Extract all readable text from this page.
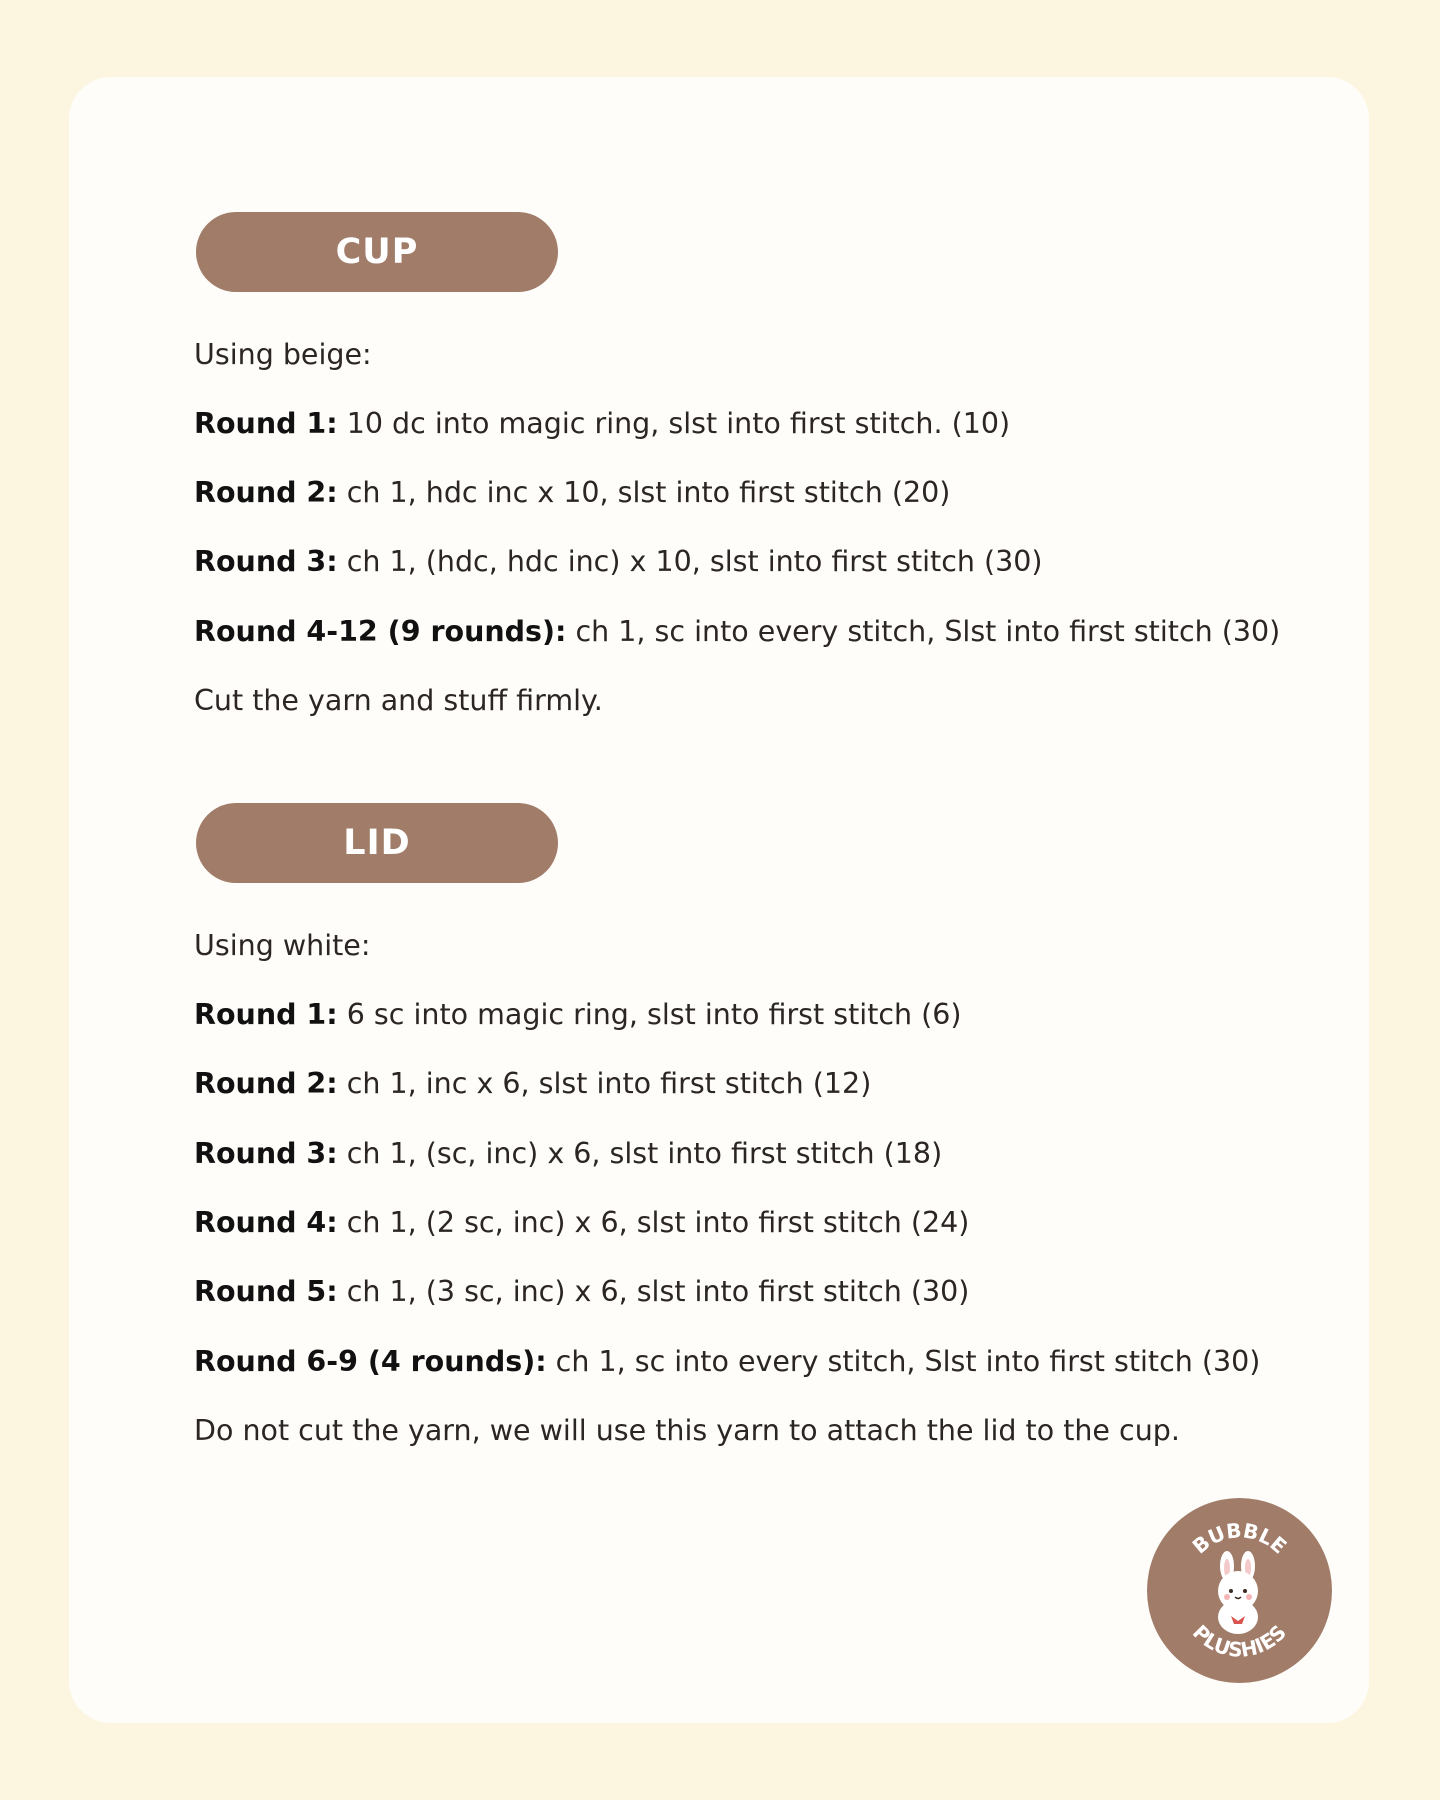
CUP
Using beige:
Round 1: 10 dc into magic ring, slst into first stitch. (10)
Round 2: ch 1, hdc inc x 10, slst into first stitch (20)
Round 3: ch 1, (hdc, hdc inc) x 10, slst into first stitch (30)
Round 4-12 (9 rounds): ch 1, sc into every stitch, Slst into first stitch (30)
Cut the yarn and stuff firmly.
LID
Using white:
Round 1: 6 sc into magic ring, slst into first stitch (6)
Round 2: ch 1, inc x 6, slst into first stitch (12)
Round 3: ch 1, (sc, inc) x 6, slst into first stitch (18)
Round 4: ch 1, (2 sc, inc) x 6, slst into first stitch (24)
Round 5: ch 1, (3 sc, inc) x 6, slst into first stitch (30)
Round 6-9 (4 rounds): ch 1, sc into every stitch, Slst into first stitch (30)
Do not cut the yarn, we will use this yarn to attach the lid to the cup.
BUBBLE
PLUSHIES
